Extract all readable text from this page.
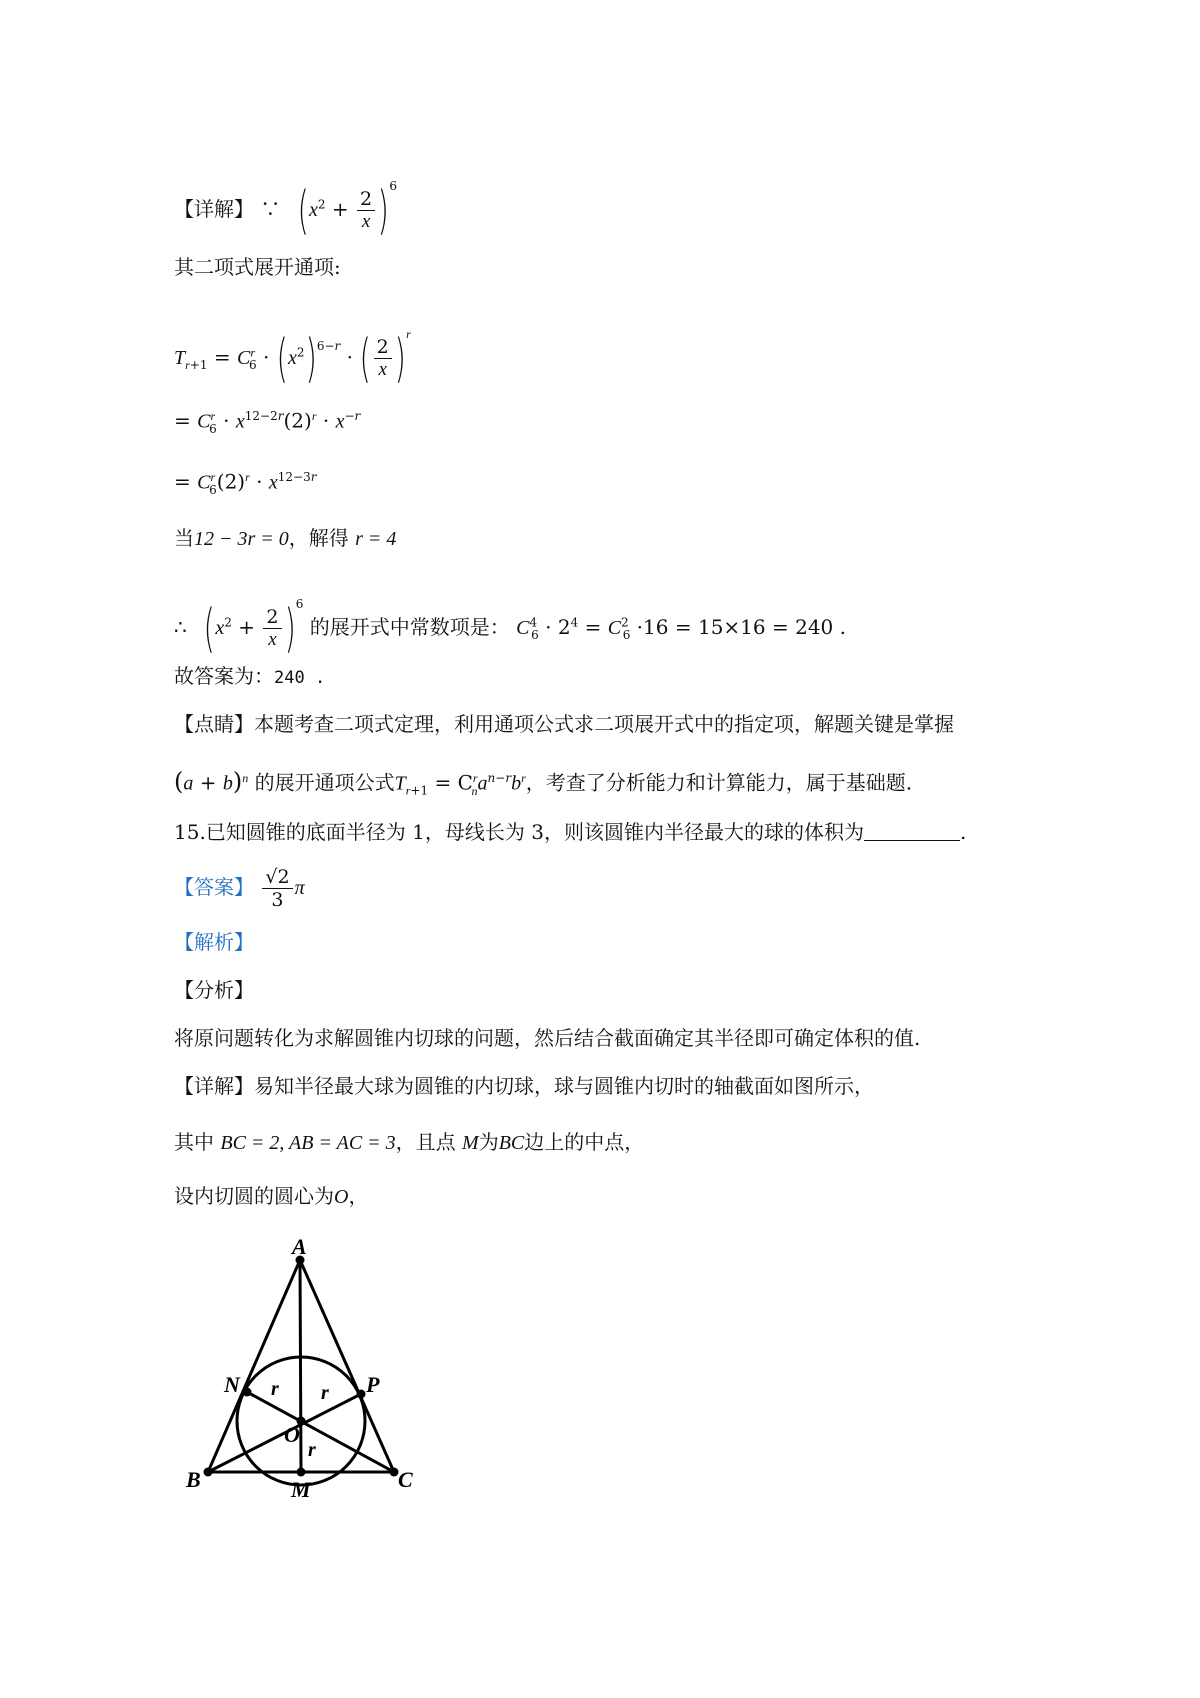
【详解】 ∵ $(x^2 + \frac{2}{x} )^6$
其二项式展开通项:
$T_{r+1} = C^r_6 \cdot (x^2)^{6-r}$ · ( $\frac{2}{x} )^r$
= $C^r_6 \cdot x^{12-2r}(2)^r \cdot x^{-r}$
= $C^r_6(2)^r \cdot x^{12-3r}$
当12 − 3r = 0，解得 r = 4
∴ $(x^2 + \frac{2}{x} )^6$ 的展开式中常数项是： $C^4_6 \cdot 2^4 = C^2_6 \cdot 16 = 15\times 16 = 240$ .
故答案为：240 .
【点睛】本题考查二项式定理，利用通项公式求二项展开式中的指定项，解题关键是掌握
$(a + b)^n$ 的展开通项公式$T_{r+1} = C^r_na^{n-r}b^r$，考查了分析能力和计算能力，属于基础题.
15.已知圆锥的底面半径为 1，母线长为 3，则该圆锥内半径最大的球的体积为	.
【答案】 $\frac{√2}{3}$ π
【解析】
【分析】
将原问题转化为求解圆锥内切球的问题，然后结合截面确定其半径即可确定体积的值.
【详解】易知半径最大球为圆锥的内切球，球与圆锥内切时的轴截面如图所示，
其中 BC = 2, AB = AC = 3，且点 M为BC边上的中点，
设内切圆的圆心为O，
A
B	C
M
N	P
O
r r
r
